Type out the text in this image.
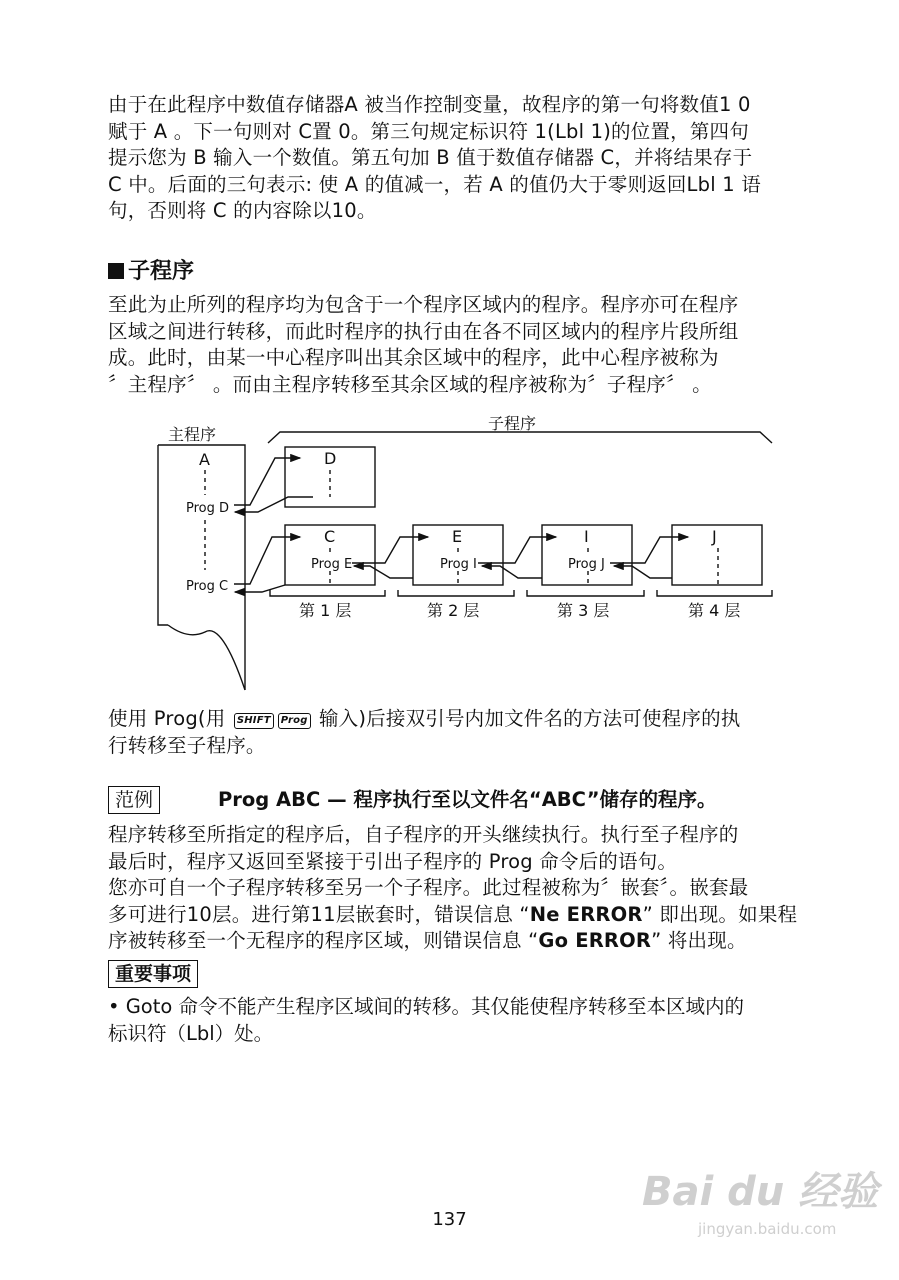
由于在此程序中数值存储器A 被当作控制变量，故程序的第一句将数值1 0
赋于 A 。下一句则对 C置 0。第三句规定标识符 1(Lbl 1)的位置，第四句
提示您为 B 输入一个数值。第五句加 B 值于数值存储器 C，并将结果存于
C 中。后面的三句表示: 使 A 的值减一，若 A 的值仍大于零则返回Lbl 1 语
句，否则将 C 的内容除以10。
子程序
至此为止所列的程序均为包含于一个程序区域内的程序。程序亦可在程序
区域之间进行转移，而此时程序的执行由在各不同区域内的程序片段所组
成。此时，由某一中心程序叫出其余区域中的程序，此中心程序被称为
〞主程序〞 。而由主程序转移至其余区域的程序被称为〞子程序〞 。
主程序
子程序
A
Prog D
Prog C
D
C	E	I	J
Prog E	Prog I	Prog J
第 1 层	第 2 层	第 3 层	第 4 层
使用 Prog(用 SHIFT Prog 输入)后接双引号内加文件名的方法可使程序的执
行转移至子程序。
范例	Prog ABC — 程序执行至以文件名“ABC”储存的程序。
程序转移至所指定的程序后，自子程序的开头继续执行。执行至子程序的
最后时，程序又返回至紧接于引出子程序的 Prog 命令后的语句。
您亦可自一个子程序转移至另一个子程序。此过程被称为〞嵌套〞。嵌套最
多可进行10层。进行第11层嵌套时，错误信息 “Ne ERROR” 即出现。如果程
序被转移至一个无程序的程序区域，则错误信息 “Go ERROR” 将出现。
重要事项
• Goto 命令不能产生程序区域间的转移。其仅能使程序转移至本区域内的
标识符（Lbl）处。
Bai du 经验
jingyan.baidu.com
137
